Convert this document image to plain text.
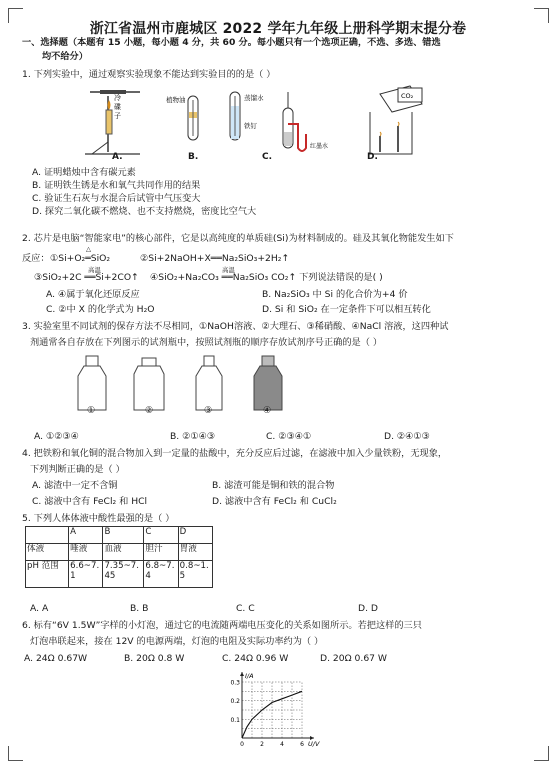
浙江省温州市鹿城区 2022 学年九年级上册科学期末提分卷
一、选择题（本题有 15 小题，每小题 4 分，共 60 分。每小题只有一个选项正确，不选、多选、错选
均不给分）
1. 下列实验中，通过观察实验现象不能达到实验目的的是（ ）
冷
碟
子
植物油	蒸馏水
铁钉
红墨水
CO₂
A.	B.	C.	D.
A. 证明蜡烛中含有碳元素
B. 证明铁生锈是水和氧气共同作用的结果
C. 验证生石灰与水混合后试管中气压变大
D. 探究二氧化碳不燃烧、也不支持燃烧，密度比空气大
2. 芯片是电脑“智能家电”的核心部件，它是以高纯度的单质硅(Si)为材料制成的。硅及其氧化物能发生如下
反应：
△
①Si+O₂═SiO₂	②Si+2NaOH+X══Na₂SiO₃+2H₂↑
高温
③SiO₂+2C ══Si+2CO↑
高温
④SiO₂+Na₂CO₃ ══Na₂SiO₃ CO₂↑ 下列说法错误的是( )
A. ④属于氧化还原反应	B. Na₂SiO₃ 中 Si 的化合价为+4 价
C. ②中 X 的化学式为 H₂O	D. Si 和 SiO₂ 在一定条件下可以相互转化
3. 实验室里不同试剂的保存方法不尽相同，①NaOH溶液、②大理石、③稀硝酸、④NaCl 溶液，这四种试
剂通常各自存放在下列图示的试剂瓶中，按照试剂瓶的顺序存放试剂序号正确的是（ ）
①	②	③	④
A. ①②③④	B. ②①④③	C. ②③④①	D. ②④①③
4. 把铁粉和氧化铜的混合物加入到一定量的盐酸中，充分反应后过滤，在滤液中加入少量铁粉，无现象，
下列判断正确的是（ ）
A. 滤渣中一定不含铜	B. 滤渣可能是铜和铁的混合物
C. 滤液中含有 FeCl₂ 和 HCl	D. 滤液中含有 FeCl₂ 和 CuCl₂
5. 下列人体体液中酸性最强的是（ ）
	A	B	C	D
体液	唾液	血液	胆汁	胃液
pH 范围	6.6~7.1	7.35~7.45	6.8~7.4	0.8~1.5
A. A	B. B	C. C	D. D
6. 标有“6V 1.5W”字样的小灯泡，通过它的电流随两端电压变化的关系如图所示。若把这样的三只
灯泡串联起来，接在 12V 的电源两端，灯泡的电阻及实际功率约为（ ）
A. 24Ω 0.67W	B. 20Ω 0.8 W	C. 24Ω 0.96 W	D. 20Ω 0.67 W
0.1
0.2
0.3
0	2	4	6
I/A
U/V
